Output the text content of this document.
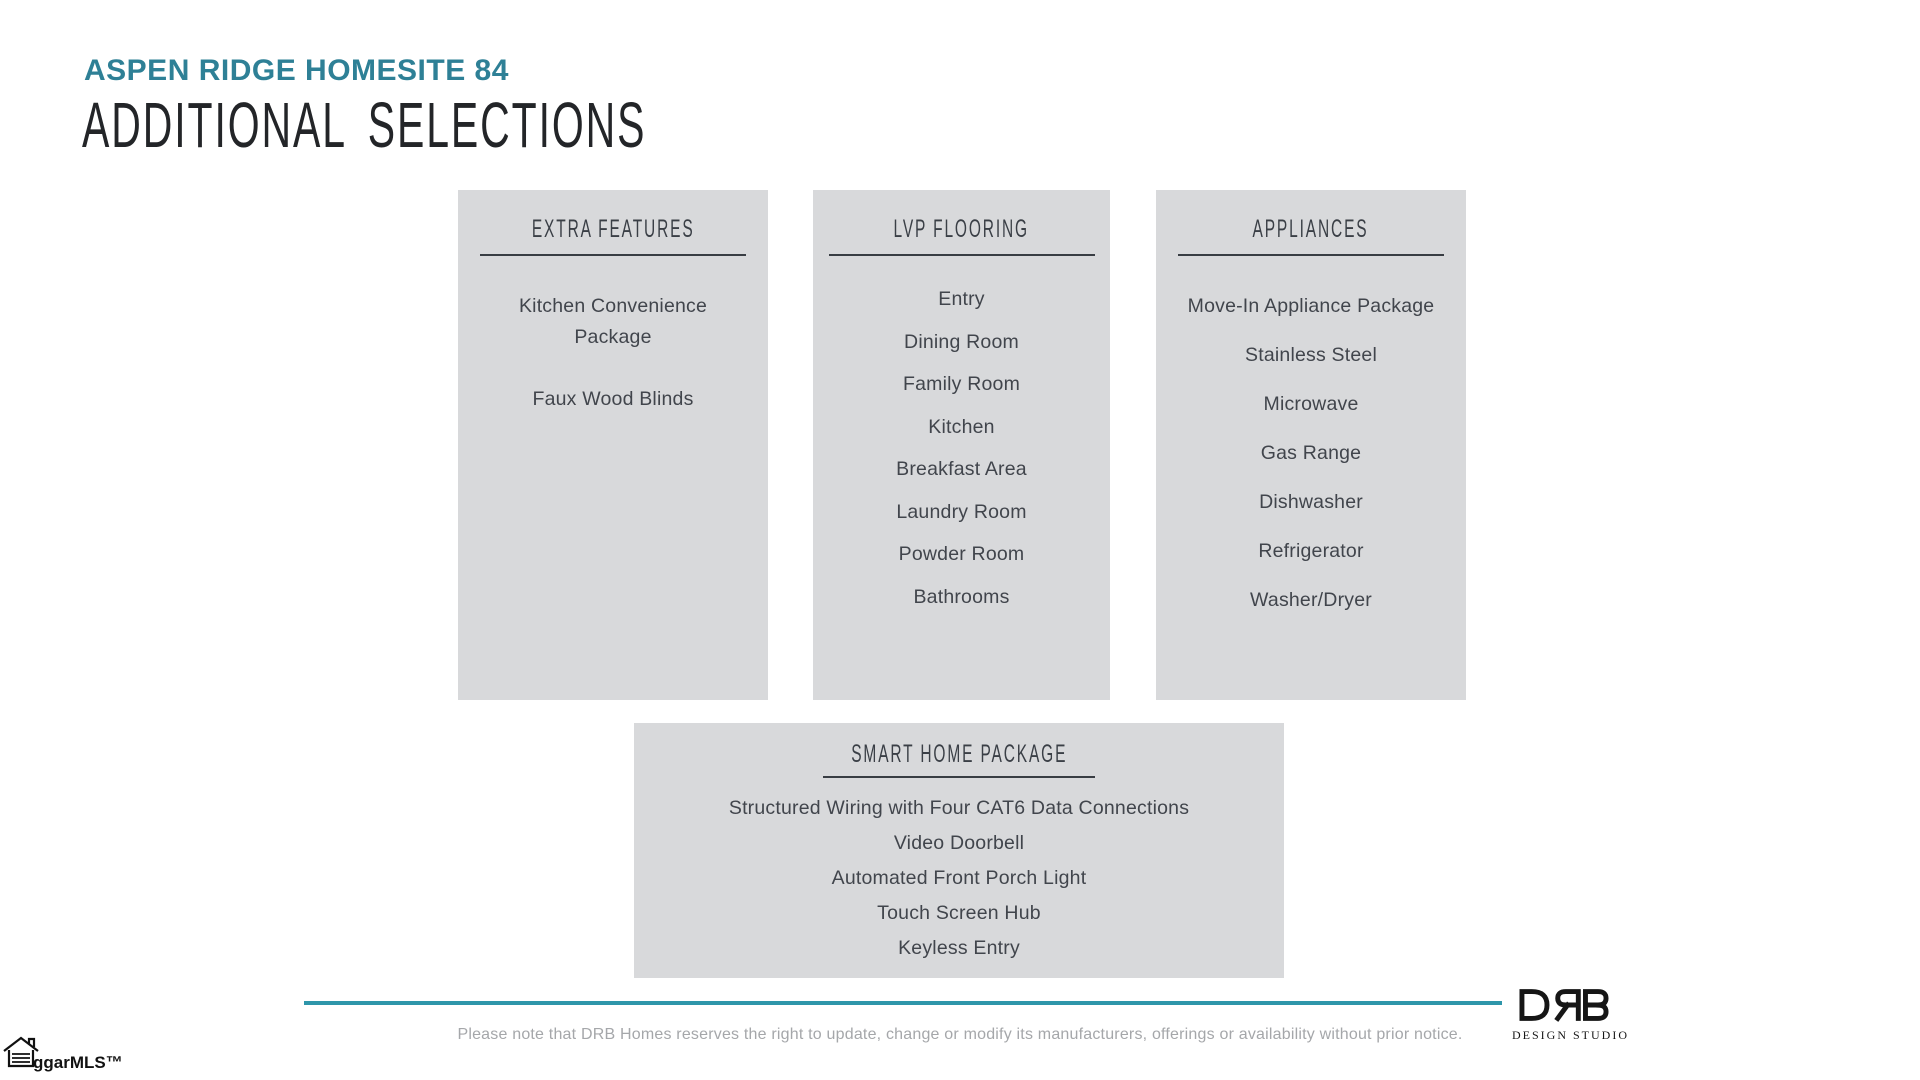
ASPEN RIDGE HOMESITE 84
ADDITIONAL SELECTIONS
EXTRA FEATURES
Kitchen Convenience Package
Faux Wood Blinds
LVP FLOORING
Entry
Dining Room
Family Room
Kitchen
Breakfast Area
Laundry Room
Powder Room
Bathrooms
APPLIANCES
Move-In Appliance Package
Stainless Steel
Microwave
Gas Range
Dishwasher
Refrigerator
Washer/Dryer
SMART HOME PACKAGE
Structured Wiring with Four CAT6 Data Connections
Video Doorbell
Automated Front Porch Light
Touch Screen Hub
Keyless Entry
Please note that DRB Homes reserves the right to update, change or modify its manufacturers, offerings or availability without prior notice.	DESIGN STUDIO
ggarMLS™
